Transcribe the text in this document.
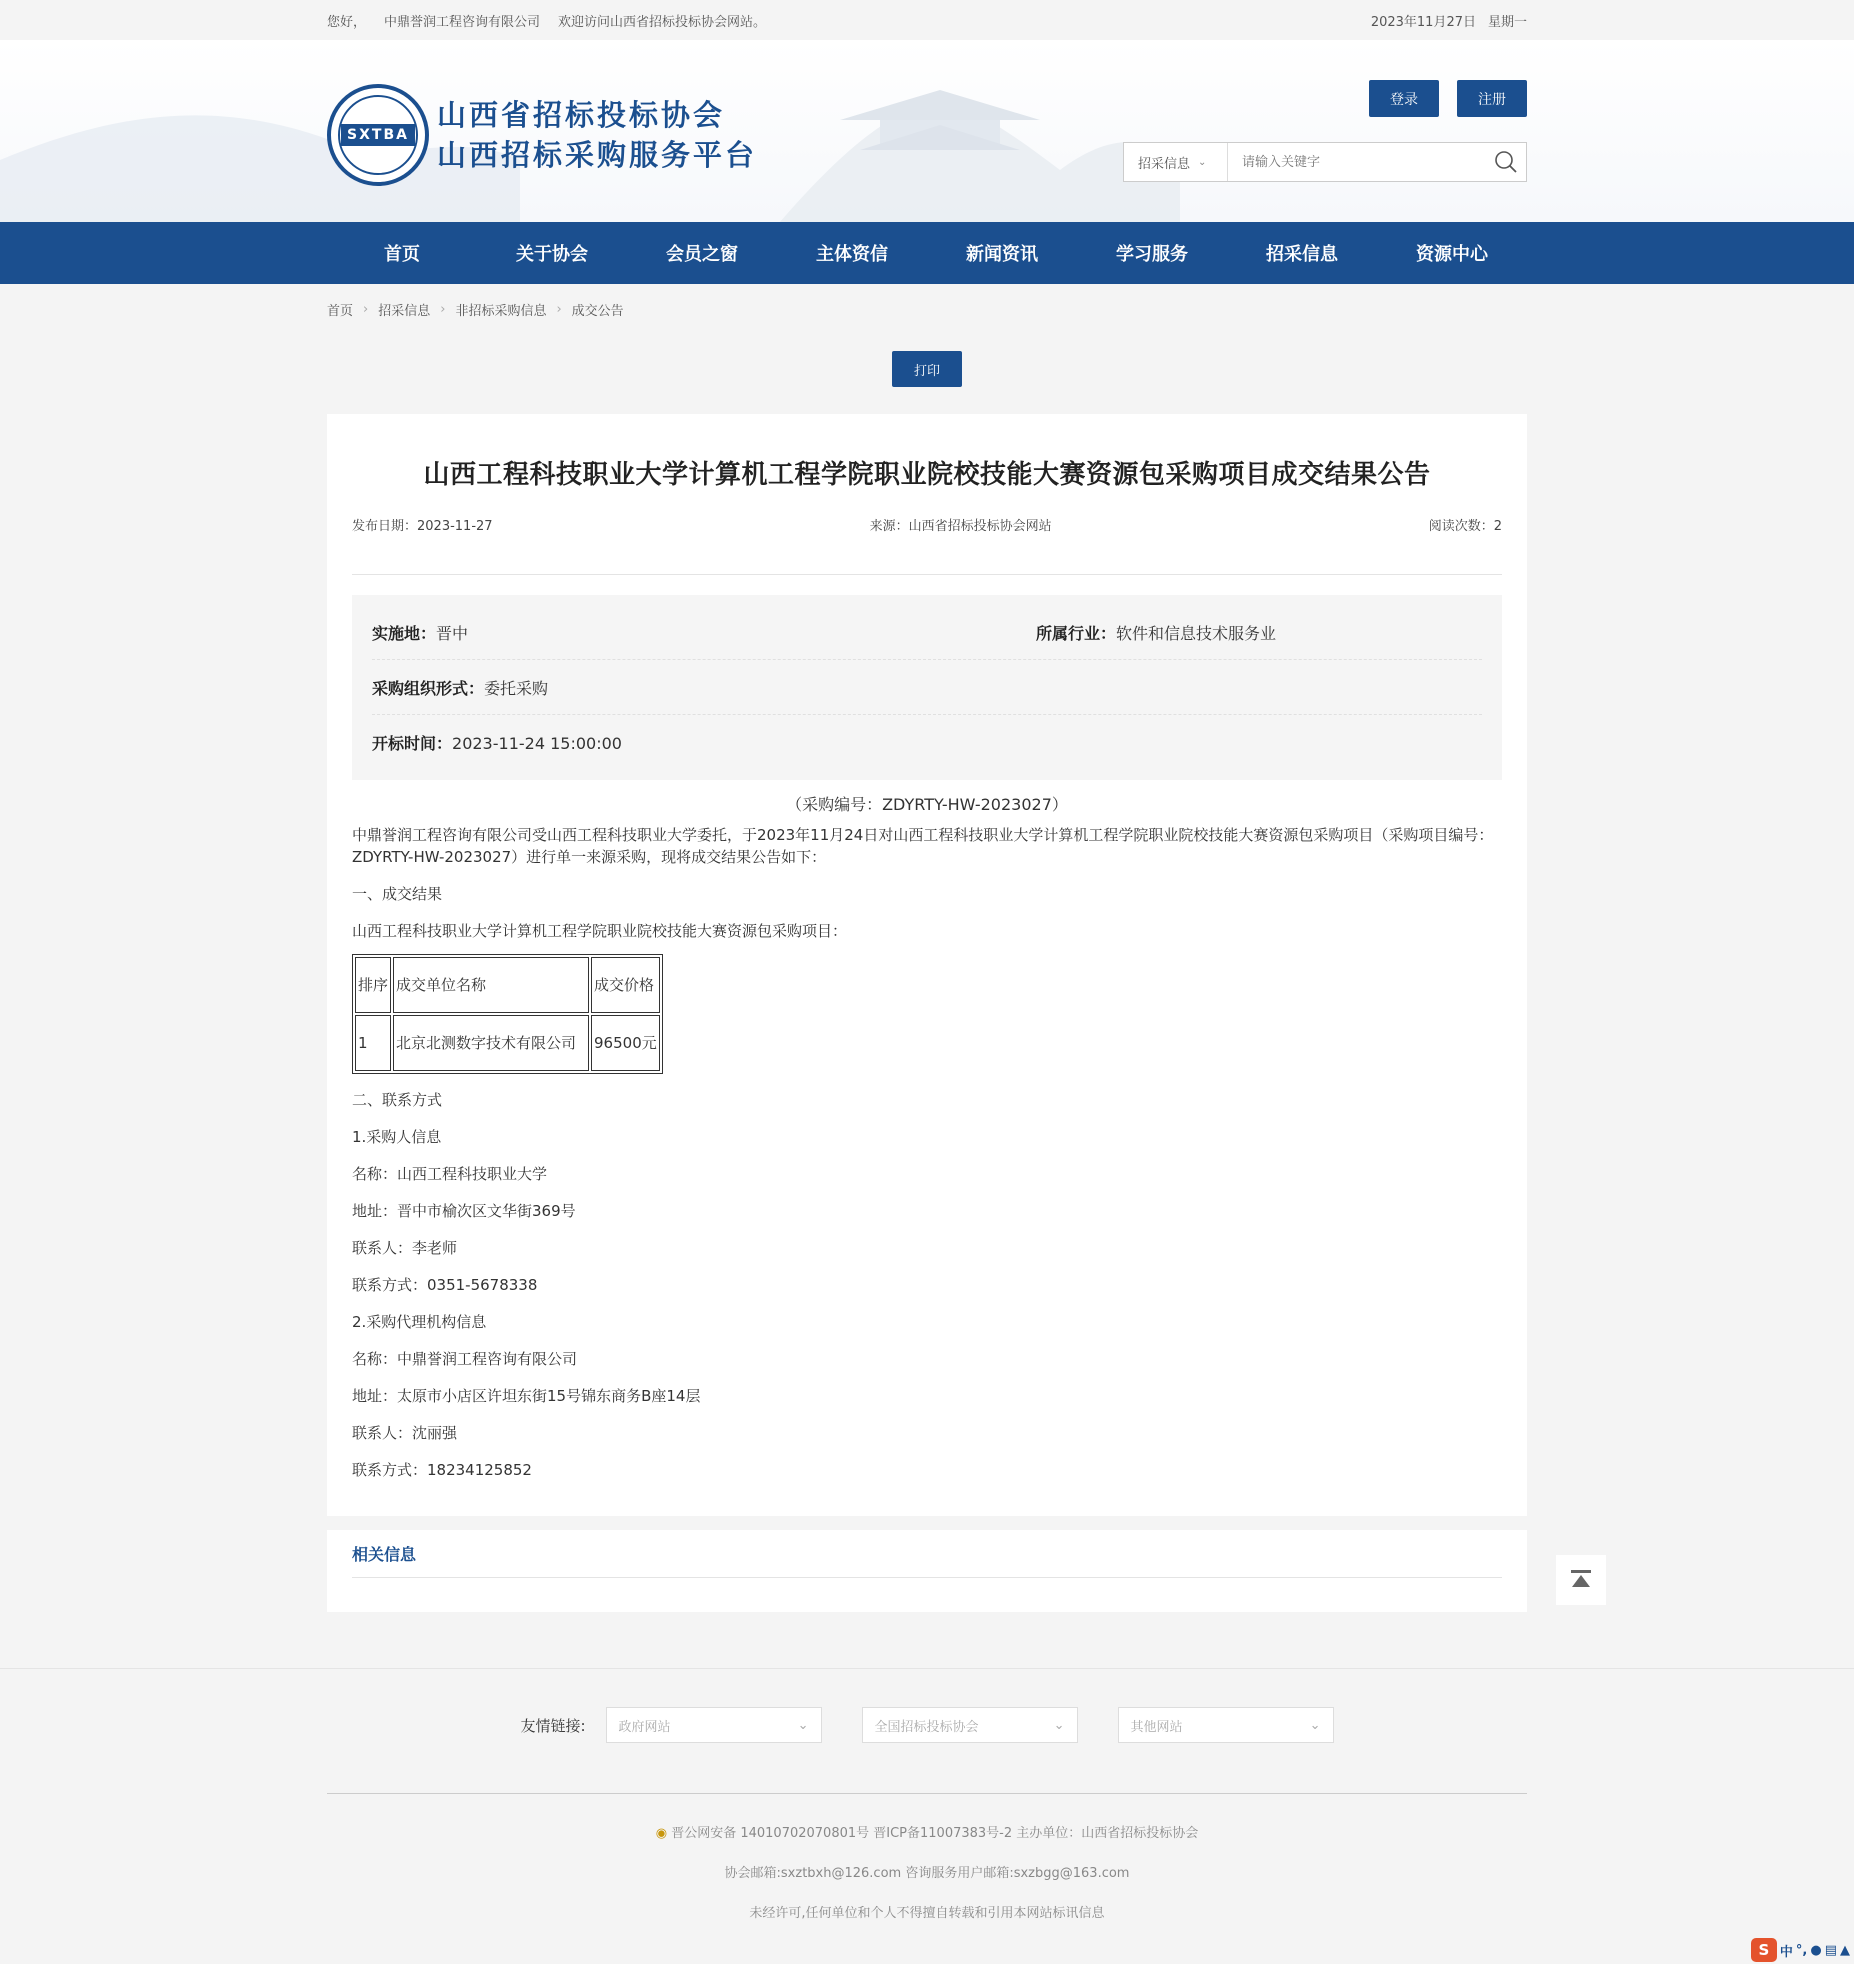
您好， 中鼎誉润工程咨询有限公司 欢迎访问山西省招标投标协会网站。	2023年11月27日 星期一
SXTBA
山西省招标投标协会
山西招标采购服务平台
登录	注册
招采信息 ⌄
请输入关键字
首页	关于协会	会员之窗	主体资信	新闻资讯	学习服务	招采信息	资源中心
首页 › 招采信息 › 非招标采购信息 › 成交公告
打印
山西工程科技职业大学计算机工程学院职业院校技能大赛资源包采购项目成交结果公告
发布日期：2023-11-27	来源：山西省招标投标协会网站	阅读次数：2
实施地：晋中	所属行业：软件和信息技术服务业
采购组织形式：委托采购
开标时间：2023-11-24 15:00:00
（采购编号：ZDYRTY-HW-2023027）

中鼎誉润工程咨询有限公司受山西工程科技职业大学委托，于2023年11月24日对山西工程科技职业大学计算机工程学院职业院校技能大赛资源包采购项目（采购项目编号：ZDYRTY-HW-2023027）进行单一来源采购，现将成交结果公告如下：

一、成交结果

山西工程科技职业大学计算机工程学院职业院校技能大赛资源包采购项目：

排序	成交单位名称	成交价格
1	北京北测数字技术有限公司	96500元

二、联系方式

1.采购人信息

名称：山西工程科技职业大学

地址：晋中市榆次区文华街369号

联系人：李老师

联系方式：0351-5678338

2.采购代理机构信息

名称：中鼎誉润工程咨询有限公司

地址：太原市小店区许坦东街15号锦东商务B座14层

联系人：沈丽强

联系方式：18234125852

相关信息
友情链接:	政府网站	⌄	全国招标投标协会	⌄	其他网站	⌄
◉ 晋公网安备 14010702070801号 晋ICP备11007383号-2 主办单位：山西省招标投标协会
协会邮箱:sxztbxh@126.com 咨询服务用户邮箱:sxzbgg@163.com
未经许可,任何单位和个人不得擅自转载和引用本网站标讯信息
S 中 °, ● ▤ ▲
